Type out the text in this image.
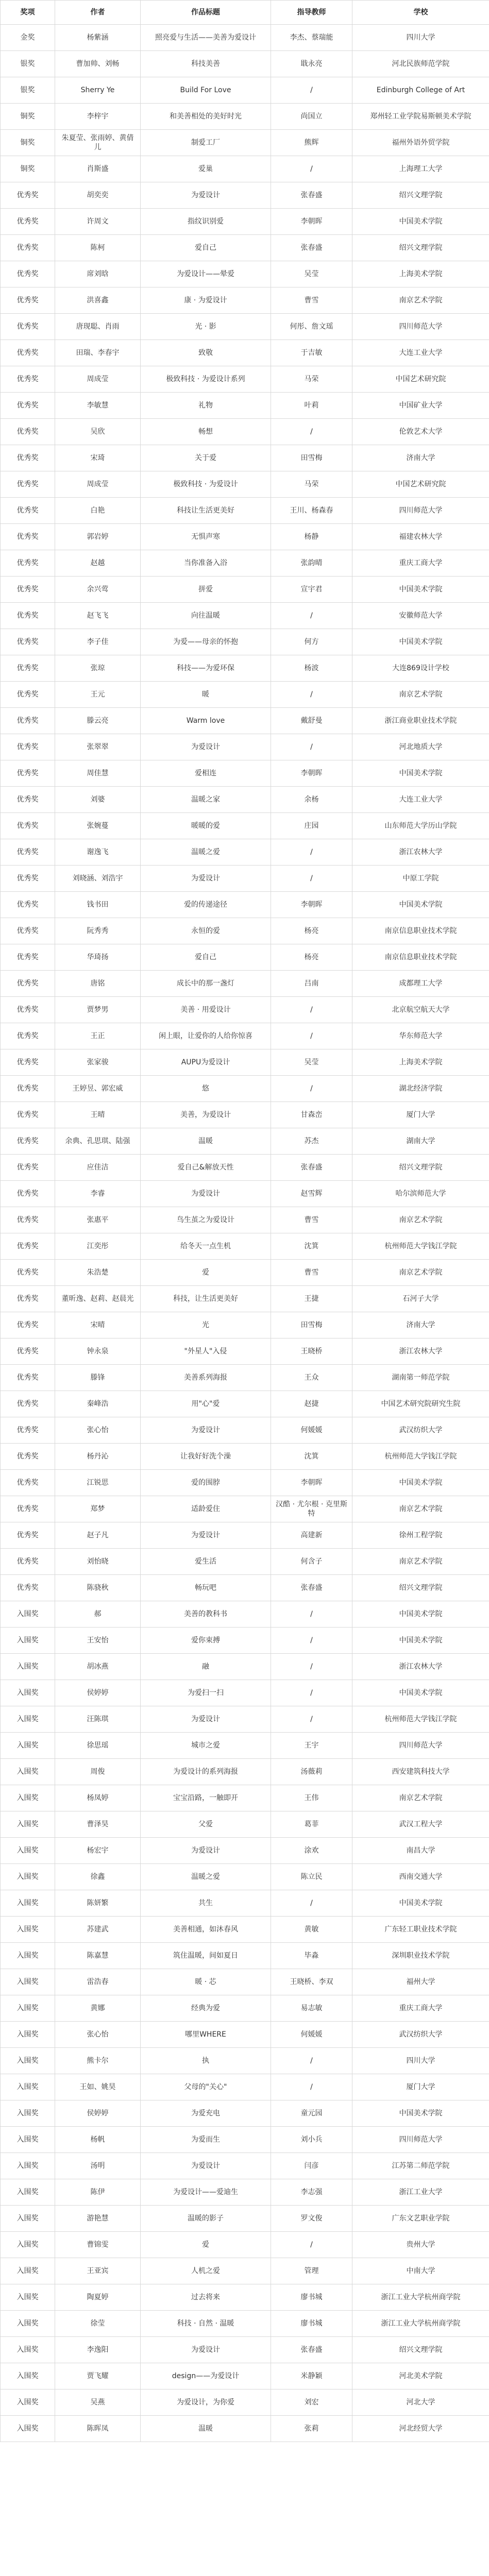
奖项	作者	作品标题	指导教师	学校
金奖	杨紫涵	照亮爱与生活——美善为爱设计	李杰、蔡瑞能	四川大学
银奖	曹加帅、刘畅	科技美善	戢永亮	河北民族师范学院
银奖	Sherry Ye	Build For Love	/	Edinburgh College of Art
铜奖	李梓宇	和美善相处的美好时光	尚国立	郑州轻工业学院易斯顿美术学院
铜奖	朱夏莹、张雨婷、黄倩儿	制爱工厂	熊辉	福州外语外贸学院
铜奖	肖斯盛	爱巢	/	上海理工大学
优秀奖	胡奕奕	为爱设计	张春盛	绍兴文理学院
优秀奖	许周文	指纹识别爱	李朝晖	中国美术学院
优秀奖	陈柯	爱自己	张春盛	绍兴文理学院
优秀奖	席刘晗	为爱设计——晕爱	吴莹	上海美术学院
优秀奖	洪喜鑫	康 · 为爱设计	曹雪	南京艺术学院
优秀奖	唐现聪、肖雨	光 · 影	何彤、詹文瑶	四川师范大学
优秀奖	田瑞、李春宇	致敬	于吉敏	大连工业大学
优秀奖	周成莹	极致科技 · 为爱设计系列	马荣	中国艺术研究院
优秀奖	李敏慧	礼物	叶莉	中国矿业大学
优秀奖	吴欣	畅想	/	伦敦艺术大学
优秀奖	宋琦	关于爱	田雪梅	济南大学
优秀奖	周成莹	极致科技 · 为爱设计	马荣	中国艺术研究院
优秀奖	白艳	科技让生活更美好	王川、杨森春	四川师范大学
优秀奖	郭岩婷	无惧声寒	杨静	福建农林大学
优秀奖	赵越	当你准备入浴	张韵晴	重庆工商大学
优秀奖	余兴莺	拼爱	宣宇君	中国美术学院
优秀奖	赵飞飞	向往温暖	/	安徽师范大学
优秀奖	李子佳	为爱——母亲的怀抱	何方	中国美术学院
优秀奖	张琼	科技——为爱环保	杨波	大连869设计学校
优秀奖	王元	暖	/	南京艺术学院
优秀奖	滕云亮	Warm love	戴舒曼	浙江商业职业技术学院
优秀奖	张翠翠	为爱设计	/	河北地质大学
优秀奖	周佳慧	爱相连	李朝晖	中国美术学院
优秀奖	刘婆	温暖之家	余杨	大连工业大学
优秀奖	张婉蔓	暖暖的爱	庄园	山东师范大学历山学院
优秀奖	谢逸飞	温暖之爱	/	浙江农林大学
优秀奖	刘晓涵、刘浩宇	为爱设计	/	中原工学院
优秀奖	钱书田	爱的传递途径	李朝晖	中国美术学院
优秀奖	阮秀秀	永恒的爱	杨亮	南京信息职业技术学院
优秀奖	华琦扬	爱自己	杨亮	南京信息职业技术学院
优秀奖	唐铭	成长中的那一盏灯	吕南	成都理工大学
优秀奖	贾梦男	美善 · 用爱设计	/	北京航空航天大学
优秀奖	王正	闲上眼，让爱你的人给你惊喜	/	华东师范大学
优秀奖	张家骏	AUPU为爱设计	吴莹	上海美术学院
优秀奖	王婷昱、郭宏威	悠	/	湖北经济学院
优秀奖	王晴	美善，为爱设计	甘森峦	厦门大学
优秀奖	余典、孔思琪、陆强	温暖	苏杰	湖南大学
优秀奖	应佳洁	爱自己&解放天性	张春盛	绍兴文理学院
优秀奖	李睿	为爱设计	赵雪辉	哈尔滨师范大学
优秀奖	张惠平	鸟生茧之为爱设计	曹雪	南京艺术学院
优秀奖	江奕彤	给冬天一点生机	沈箕	杭州师范大学钱江学院
优秀奖	朱浩楚	爱	曹雪	南京艺术学院
优秀奖	董昕逸、赵莉、赵晨光	科技，让生活更美好	王捷	石河子大学
优秀奖	宋晴	光	田雪梅	济南大学
优秀奖	钟永泉	"外星人"入侵	王晓桥	浙江农林大学
优秀奖	滕锋	美善系列海报	王众	湖南第一师范学院
优秀奖	秦峰浩	用"心"爱	赵捷	中国艺术研究院研究生院
优秀奖	张心怡	为爱设计	何媛媛	武汉纺织大学
优秀奖	杨丹沁	让我好好洗个澡	沈箕	杭州师范大学钱江学院
优秀奖	江锐思	爱的围脖	李朝晖	中国美术学院
优秀奖	郑梦	适龄爱住	汉酷 · 尤尔根 · 克里斯特	南京艺术学院
优秀奖	赵子凡	为爱设计	高建新	徐州工程学院
优秀奖	刘怡晓	爱生活	何含子	南京艺术学院
优秀奖	陈骁秋	畅玩吧	张春盛	绍兴文理学院
入围奖	郝	美善的教科书	/	中国美术学院
入围奖	王安怡	爱你束搏	/	中国美术学院
入围奖	胡冰燕	融	/	浙江农林大学
入围奖	侯婷婷	为爱扫一扫	/	中国美术学院
入围奖	汪陈琪	为爱设计	/	杭州师范大学钱江学院
入围奖	徐思瑶	城市之爱	王宇	四川师范大学
入围奖	周俊	为爱设计的系列海报	汤薇莉	西安建筑科技大学
入围奖	杨凤婷	宝宝沿路，一触即开	王伟	南京艺术学院
入围奖	曹泽昊	父爱	葛菲	武汉工程大学
入围奖	杨宏宇	为爱设计	涂欢	南昌大学
入围奖	徐鑫	温暖之爱	陈立民	西南交通大学
入围奖	陈妍繁	共生	/	中国美术学院
入围奖	苏建武	美善相通，如沐春风	黄敏	广东轻工职业技术学院
入围奖	陈嘉慧	筑住温暖，间如夏日	毕淼	深圳职业技术学院
入围奖	雷浩春	暖 · 芯	王晓桥、李双	福州大学
入围奖	黄娜	经典为爱	易志敏	重庆工商大学
入围奖	张心怡	哪里WHERE	何媛媛	武汉纺织大学
入围奖	熊卡尔	执	/	四川大学
入围奖	王如、姚昊	父母的"关心"	/	厦门大学
入围奖	侯婷婷	为爱充电	童元园	中国美术学院
入围奖	杨帆	为爱而生	刘小兵	四川师范大学
入围奖	汤明	为爱设计	闫彦	江苏第二师范学院
入围奖	陈伊	为爱设计——爱迪生	李志强	浙江工业大学
入围奖	游艳慧	温暖的影子	罗文俊	广东文艺职业学院
入围奖	曹锦雯	爱	/	贵州大学
入围奖	王亚宾	人机之爱	管理	中南大学
入围奖	陶夏婷	过去将来	廖书城	浙江工业大学杭州商学院
入围奖	徐莹	科技 · 自然 · 温暖	廖书城	浙江工业大学杭州商学院
入围奖	李逸阳	为爱设计	张春盛	绍兴文理学院
入围奖	贾飞耀	design——为爱设计	米静颖	河北美术学院
入围奖	吴燕	为爱设计，为你爱	刘宏	河北大学
入围奖	陈晖凤	温暖	张莉	河北经贸大学
